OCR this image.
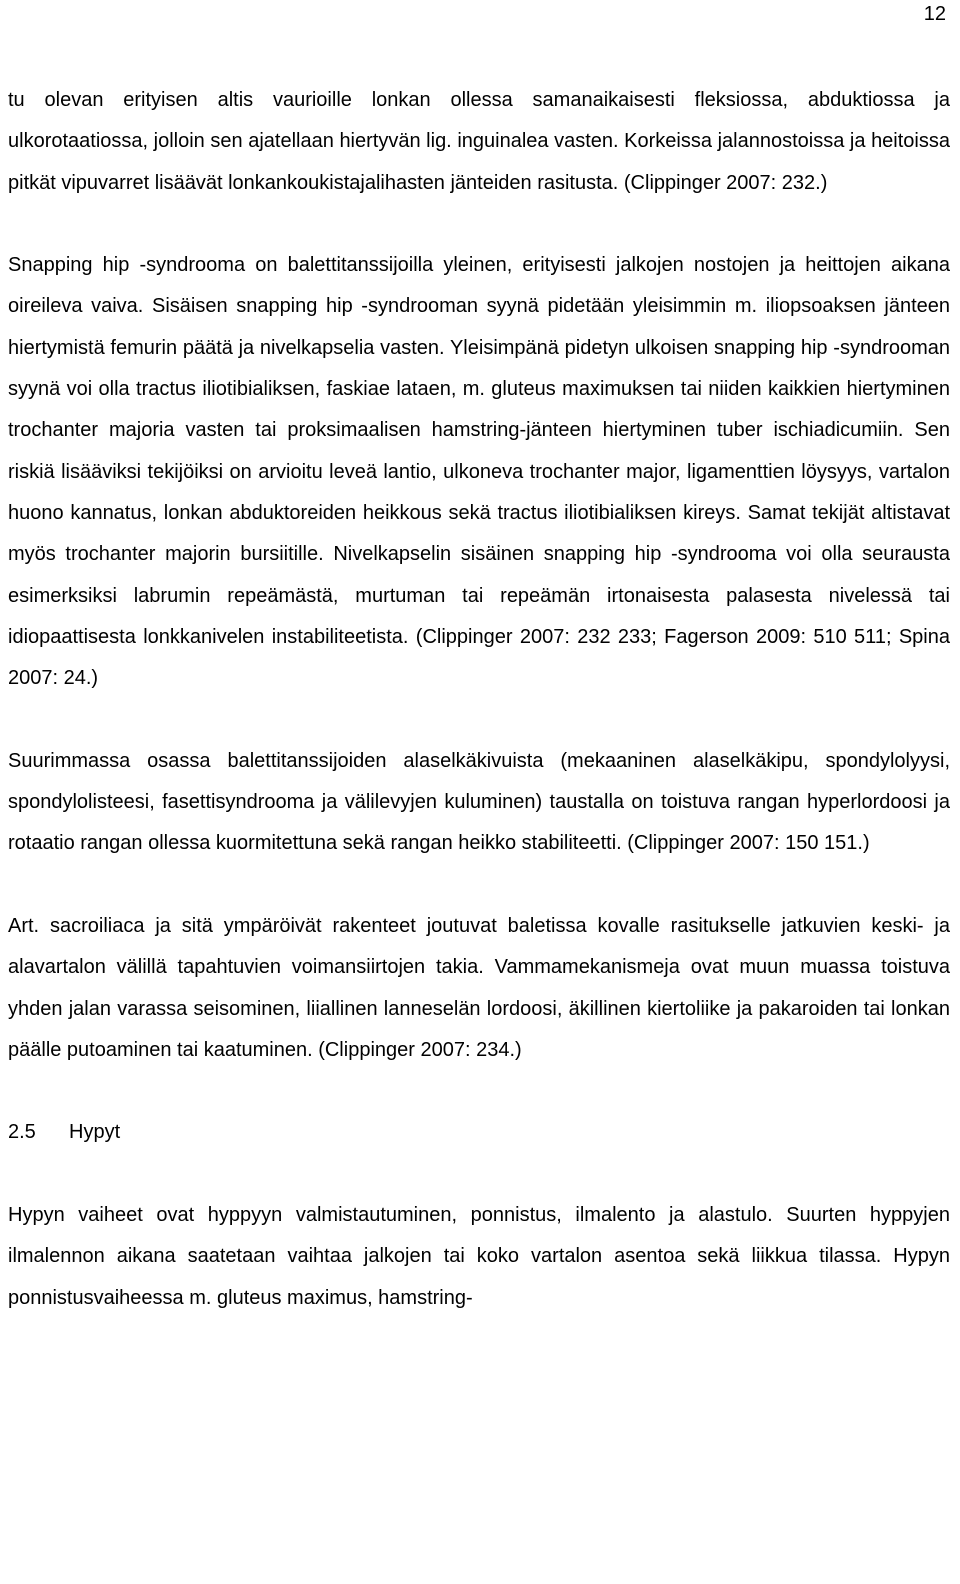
12

tu olevan erityisen altis vaurioille lonkan ollessa samanaikaisesti fleksiossa, abduktiossa ja ulkorotaatiossa, jolloin sen ajatellaan hiertyvän lig. inguinalea vasten. Korkeissa jalannostoissa ja heitoissa pitkät vipuvarret lisäävät lonkankoukistajalihasten jänteiden rasitusta. (Clippinger 2007: 232.)

Snapping hip -syndrooma on balettitanssijoilla yleinen, erityisesti jalkojen nostojen ja heittojen aikana oireileva vaiva. Sisäisen snapping hip -syndrooman syynä pidetään yleisimmin m. iliopsoaksen jänteen hiertymistä femurin päätä ja nivelkapselia vasten. Yleisimpänä pidetyn ulkoisen snapping hip -syndrooman syynä voi olla tractus iliotibialiksen, faskiae lataen, m. gluteus maximuksen tai niiden kaikkien hiertyminen trochanter majoria vasten tai proksimaalisen hamstring-jänteen hiertyminen tuber ischiadicumiin. Sen riskiä lisääviksi tekijöiksi on arvioitu leveä lantio, ulkoneva trochanter major, ligamenttien löysyys, vartalon huono kannatus, lonkan abduktoreiden heikkous sekä tractus iliotibialiksen kireys. Samat tekijät altistavat myös trochanter majorin bursiitille. Nivelkapselin sisäinen snapping hip -syndrooma voi olla seurausta esimerksiksi labrumin repeämästä, murtuman tai repeämän irtonaisesta palasesta nivelessä tai idiopaattisesta lonkkanivelen instabiliteetista. (Clippinger 2007: 232 233; Fagerson 2009: 510 511; Spina 2007: 24.)

Suurimmassa osassa balettitanssijoiden alaselkäkivuista (mekaaninen alaselkäkipu, spondylolyysi, spondylolisteesi, fasettisyndrooma ja välilevyjen kuluminen) taustalla on toistuva rangan hyperlordoosi ja rotaatio rangan ollessa kuormitettuna sekä rangan heikko stabiliteetti. (Clippinger 2007: 150 151.)

Art. sacroiliaca ja sitä ympäröivät rakenteet joutuvat baletissa kovalle rasitukselle jatkuvien keski- ja alavartalon välillä tapahtuvien voimansiirtojen takia. Vammamekanismeja ovat muun muassa toistuva yhden jalan varassa seisominen, liiallinen lanneselän lordoosi, äkillinen kiertoliike ja pakaroiden tai lonkan päälle putoaminen tai kaatuminen. (Clippinger 2007: 234.)

2.5 Hypyt

Hypyn vaiheet ovat hyppyyn valmistautuminen, ponnistus, ilmalento ja alastulo. Suurten hyppyjen ilmalennon aikana saatetaan vaihtaa jalkojen tai koko vartalon asentoa sekä liikkua tilassa. Hypyn ponnistusvaiheessa m. gluteus maximus, hamstring-
